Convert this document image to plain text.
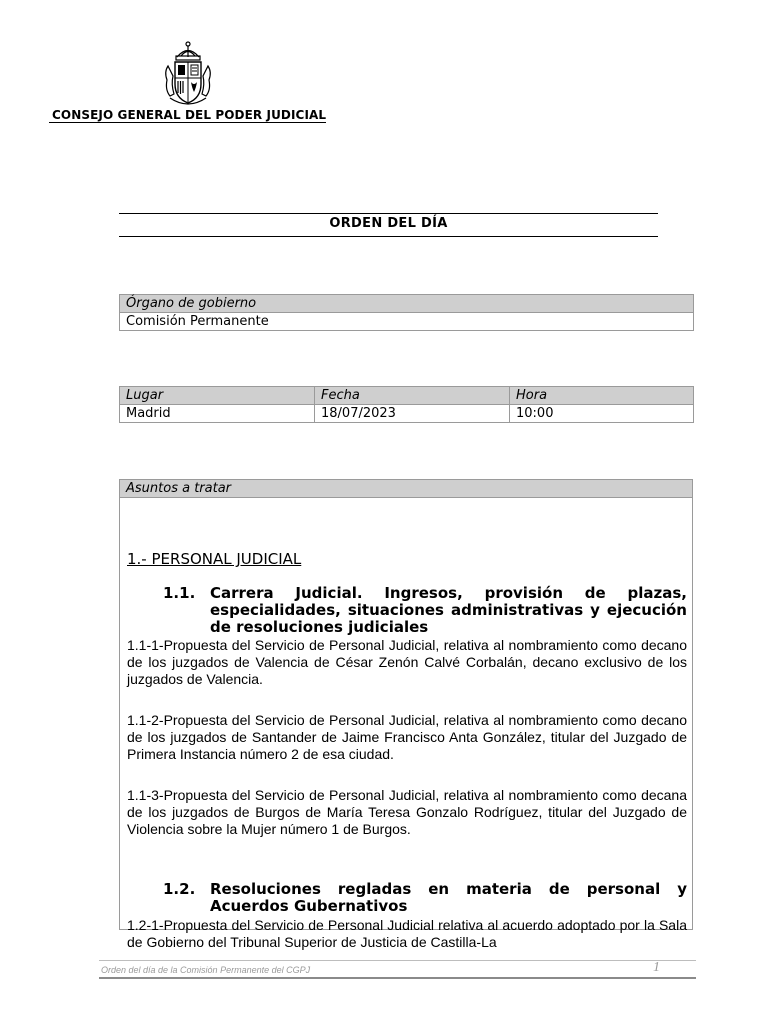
CONSEJO GENERAL DEL PODER JUDICIAL
ORDEN DEL DÍA
Órgano de gobierno
Comisión Permanente
Lugar	Fecha	Hora
Madrid	18/07/2023	10:00
Asuntos a tratar
1.- PERSONAL JUDICIAL
1.1. Carrera Judicial. Ingresos, provisión de plazas, especialidades, situaciones administrativas y ejecución de resoluciones judiciales
1.1-1-Propuesta del Servicio de Personal Judicial, relativa al nombramiento como decano de los juzgados de Valencia de César Zenón Calvé Corbalán, decano exclusivo de los juzgados de Valencia.
1.1-2-Propuesta del Servicio de Personal Judicial, relativa al nombramiento como decano de los juzgados de Santander de Jaime Francisco Anta González, titular del Juzgado de Primera Instancia número 2 de esa ciudad.
1.1-3-Propuesta del Servicio de Personal Judicial, relativa al nombramiento como decana de los juzgados de Burgos de María Teresa Gonzalo Rodríguez, titular del Juzgado de Violencia sobre la Mujer número 1 de Burgos.
1.2. Resoluciones regladas en materia de personal y Acuerdos Gubernativos
1.2-1-Propuesta del Servicio de Personal Judicial relativa al acuerdo adoptado por la Sala de Gobierno del Tribunal Superior de Justicia de Castilla-La
Orden del día de la Comisión Permanente del CGPJ	1
